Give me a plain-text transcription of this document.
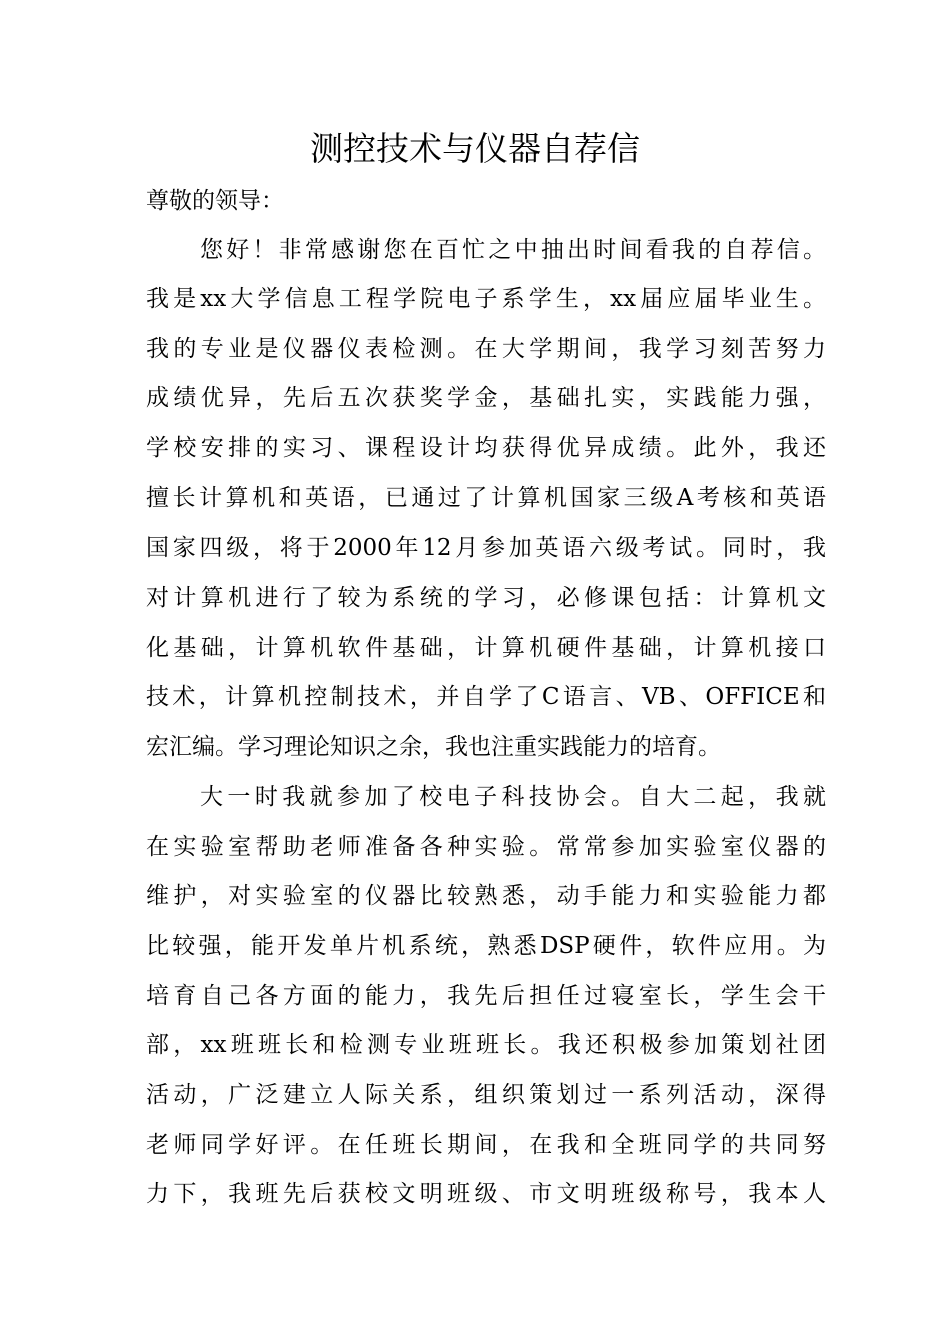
测控技术与仪器自荐信

尊敬的领导：

您好！非常感谢您在百忙之中抽出时间看我的自荐信。

我是xx大学信息工程学院电子系学生，xx届应届毕业生。

我的专业是仪器仪表检测。在大学期间，我学习刻苦努力

成绩优异，先后五次获奖学金，基础扎实，实践能力强，

学校安排的实习、课程设计均获得优异成绩。此外，我还

擅长计算机和英语，已通过了计算机国家三级A考核和英语

国家四级，将于2000年12月参加英语六级考试。同时，我

对计算机进行了较为系统的学习，必修课包括：计算机文

化基础，计算机软件基础，计算机硬件基础，计算机接口

技术，计算机控制技术，并自学了C语言、VB、OFFICE和

宏汇编。学习理论知识之余，我也注重实践能力的培育。

大一时我就参加了校电子科技协会。自大二起，我就

在实验室帮助老师准备各种实验。常常参加实验室仪器的

维护，对实验室的仪器比较熟悉，动手能力和实验能力都

比较强，能开发单片机系统，熟悉DSP硬件，软件应用。为

培育自己各方面的能力，我先后担任过寝室长，学生会干

部，xx班班长和检测专业班班长。我还积极参加策划社团

活动，广泛建立人际关系，组织策划过一系列活动，深得

老师同学好评。在任班长期间，在我和全班同学的共同努

力下，我班先后获校文明班级、市文明班级称号，我本人
